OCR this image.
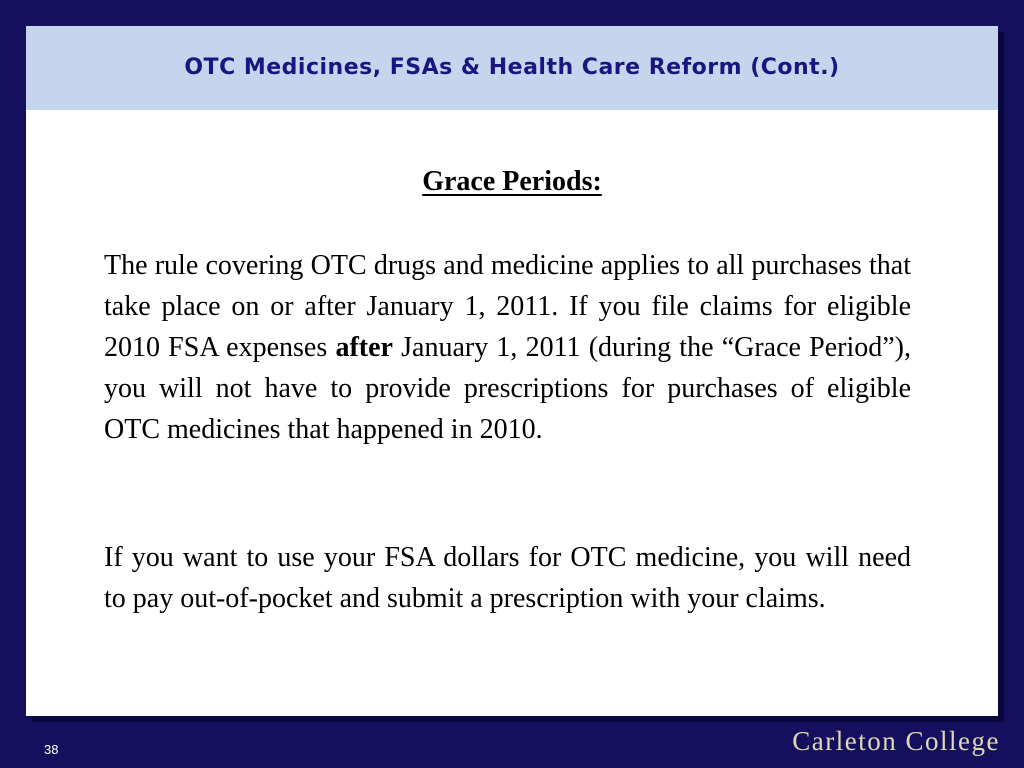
OTC Medicines, FSAs & Health Care Reform (Cont.)
Grace Periods:

The rule covering OTC drugs and medicine applies to all purchases that take place on or after January 1, 2011. If you file claims for eligible 2010 FSA expenses after January 1, 2011 (during the “Grace Period”), you will not have to provide prescriptions for purchases of eligible OTC medicines that happened in 2010.

If you want to use your FSA dollars for OTC medicine, you will need to pay out-of-pocket and submit a prescription with your claims.

38	Carleton College
